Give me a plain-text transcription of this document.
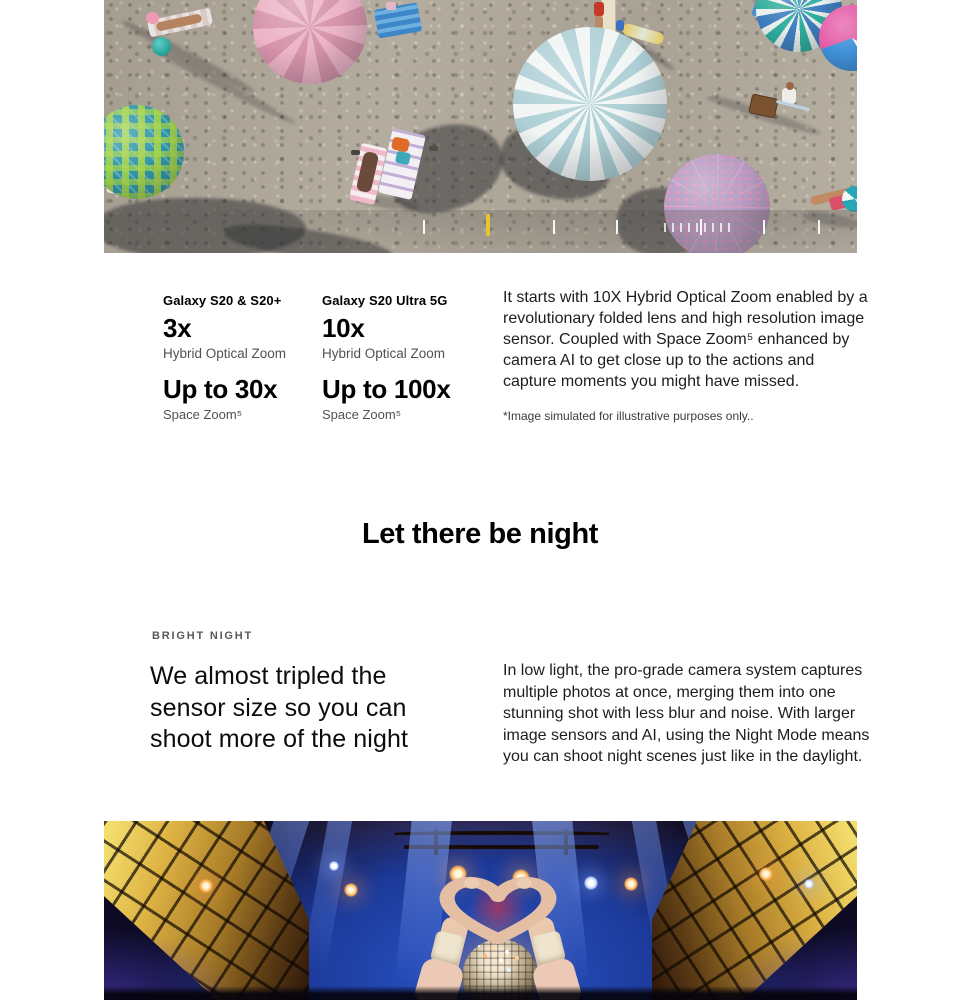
Galaxy S20 & S20+
3x
Hybrid Optical Zoom
Up to 30x
Space Zoom⁵
Galaxy S20 Ultra 5G
10x
Hybrid Optical Zoom
Up to 100x
Space Zoom⁵

It starts with 10X Hybrid Optical Zoom enabled by a revolutionary folded lens and high resolution image sensor. Coupled with Space Zoom⁵ enhanced by camera AI to get close up to the actions and capture moments you might have missed.

*Image simulated for illustrative purposes only..

Let there be night
BRIGHT NIGHT
We almost tripled the
sensor size so you can
shoot more of the night

In low light, the pro-grade camera system captures multiple photos at once, merging them into one stunning shot with less blur and noise. With larger image sensors and AI, using the Night Mode means you can shoot night scenes just like in the daylight.
